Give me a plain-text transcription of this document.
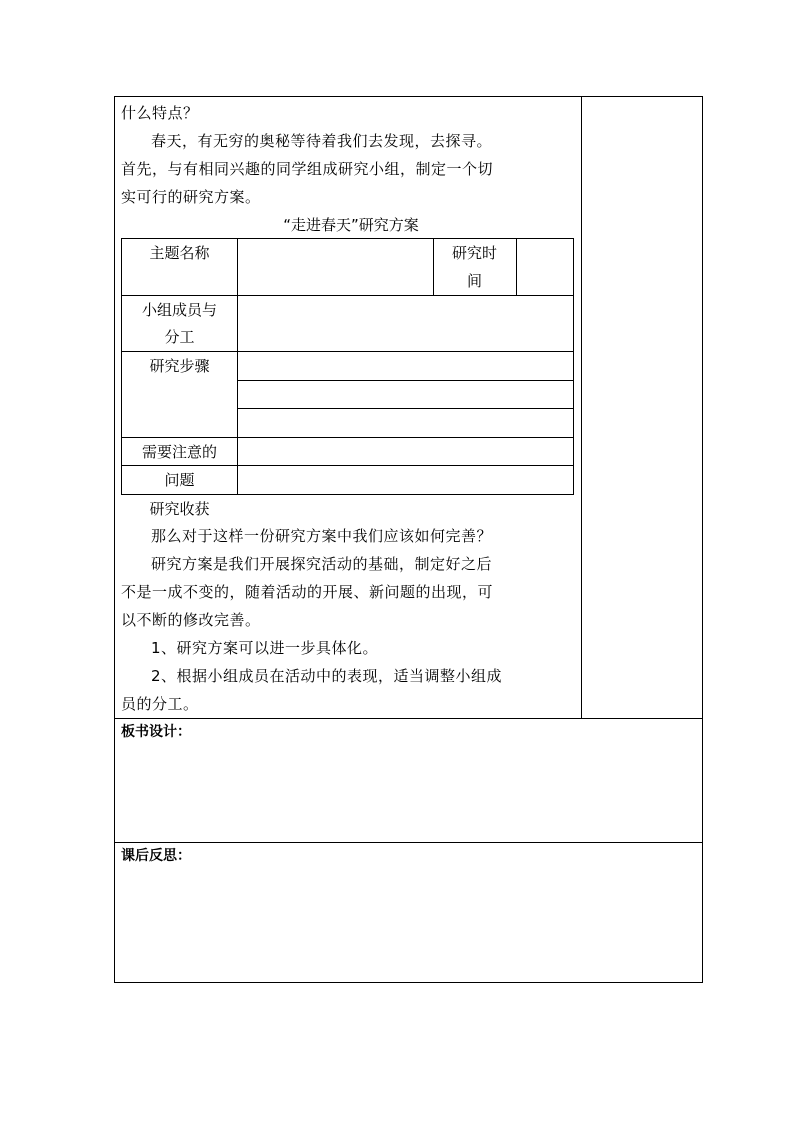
什么特点？
春天，有无穷的奥秘等待着我们去发现，去探寻。
首先，与有相同兴趣的同学组成研究小组，制定一个切
实可行的研究方案。
“走进春天”研究方案
主题名称	研究时
间
小组成员与
分工
研究步骤
需要注意的
问题
研究收获
那么对于这样一份研究方案中我们应该如何完善？
研究方案是我们开展探究活动的基础，制定好之后
不是一成不变的，随着活动的开展、新问题的出现，可
以不断的修改完善。
1、研究方案可以进一步具体化。
2、根据小组成员在活动中的表现，适当调整小组成
员的分工。
板书设计：
课后反思：
